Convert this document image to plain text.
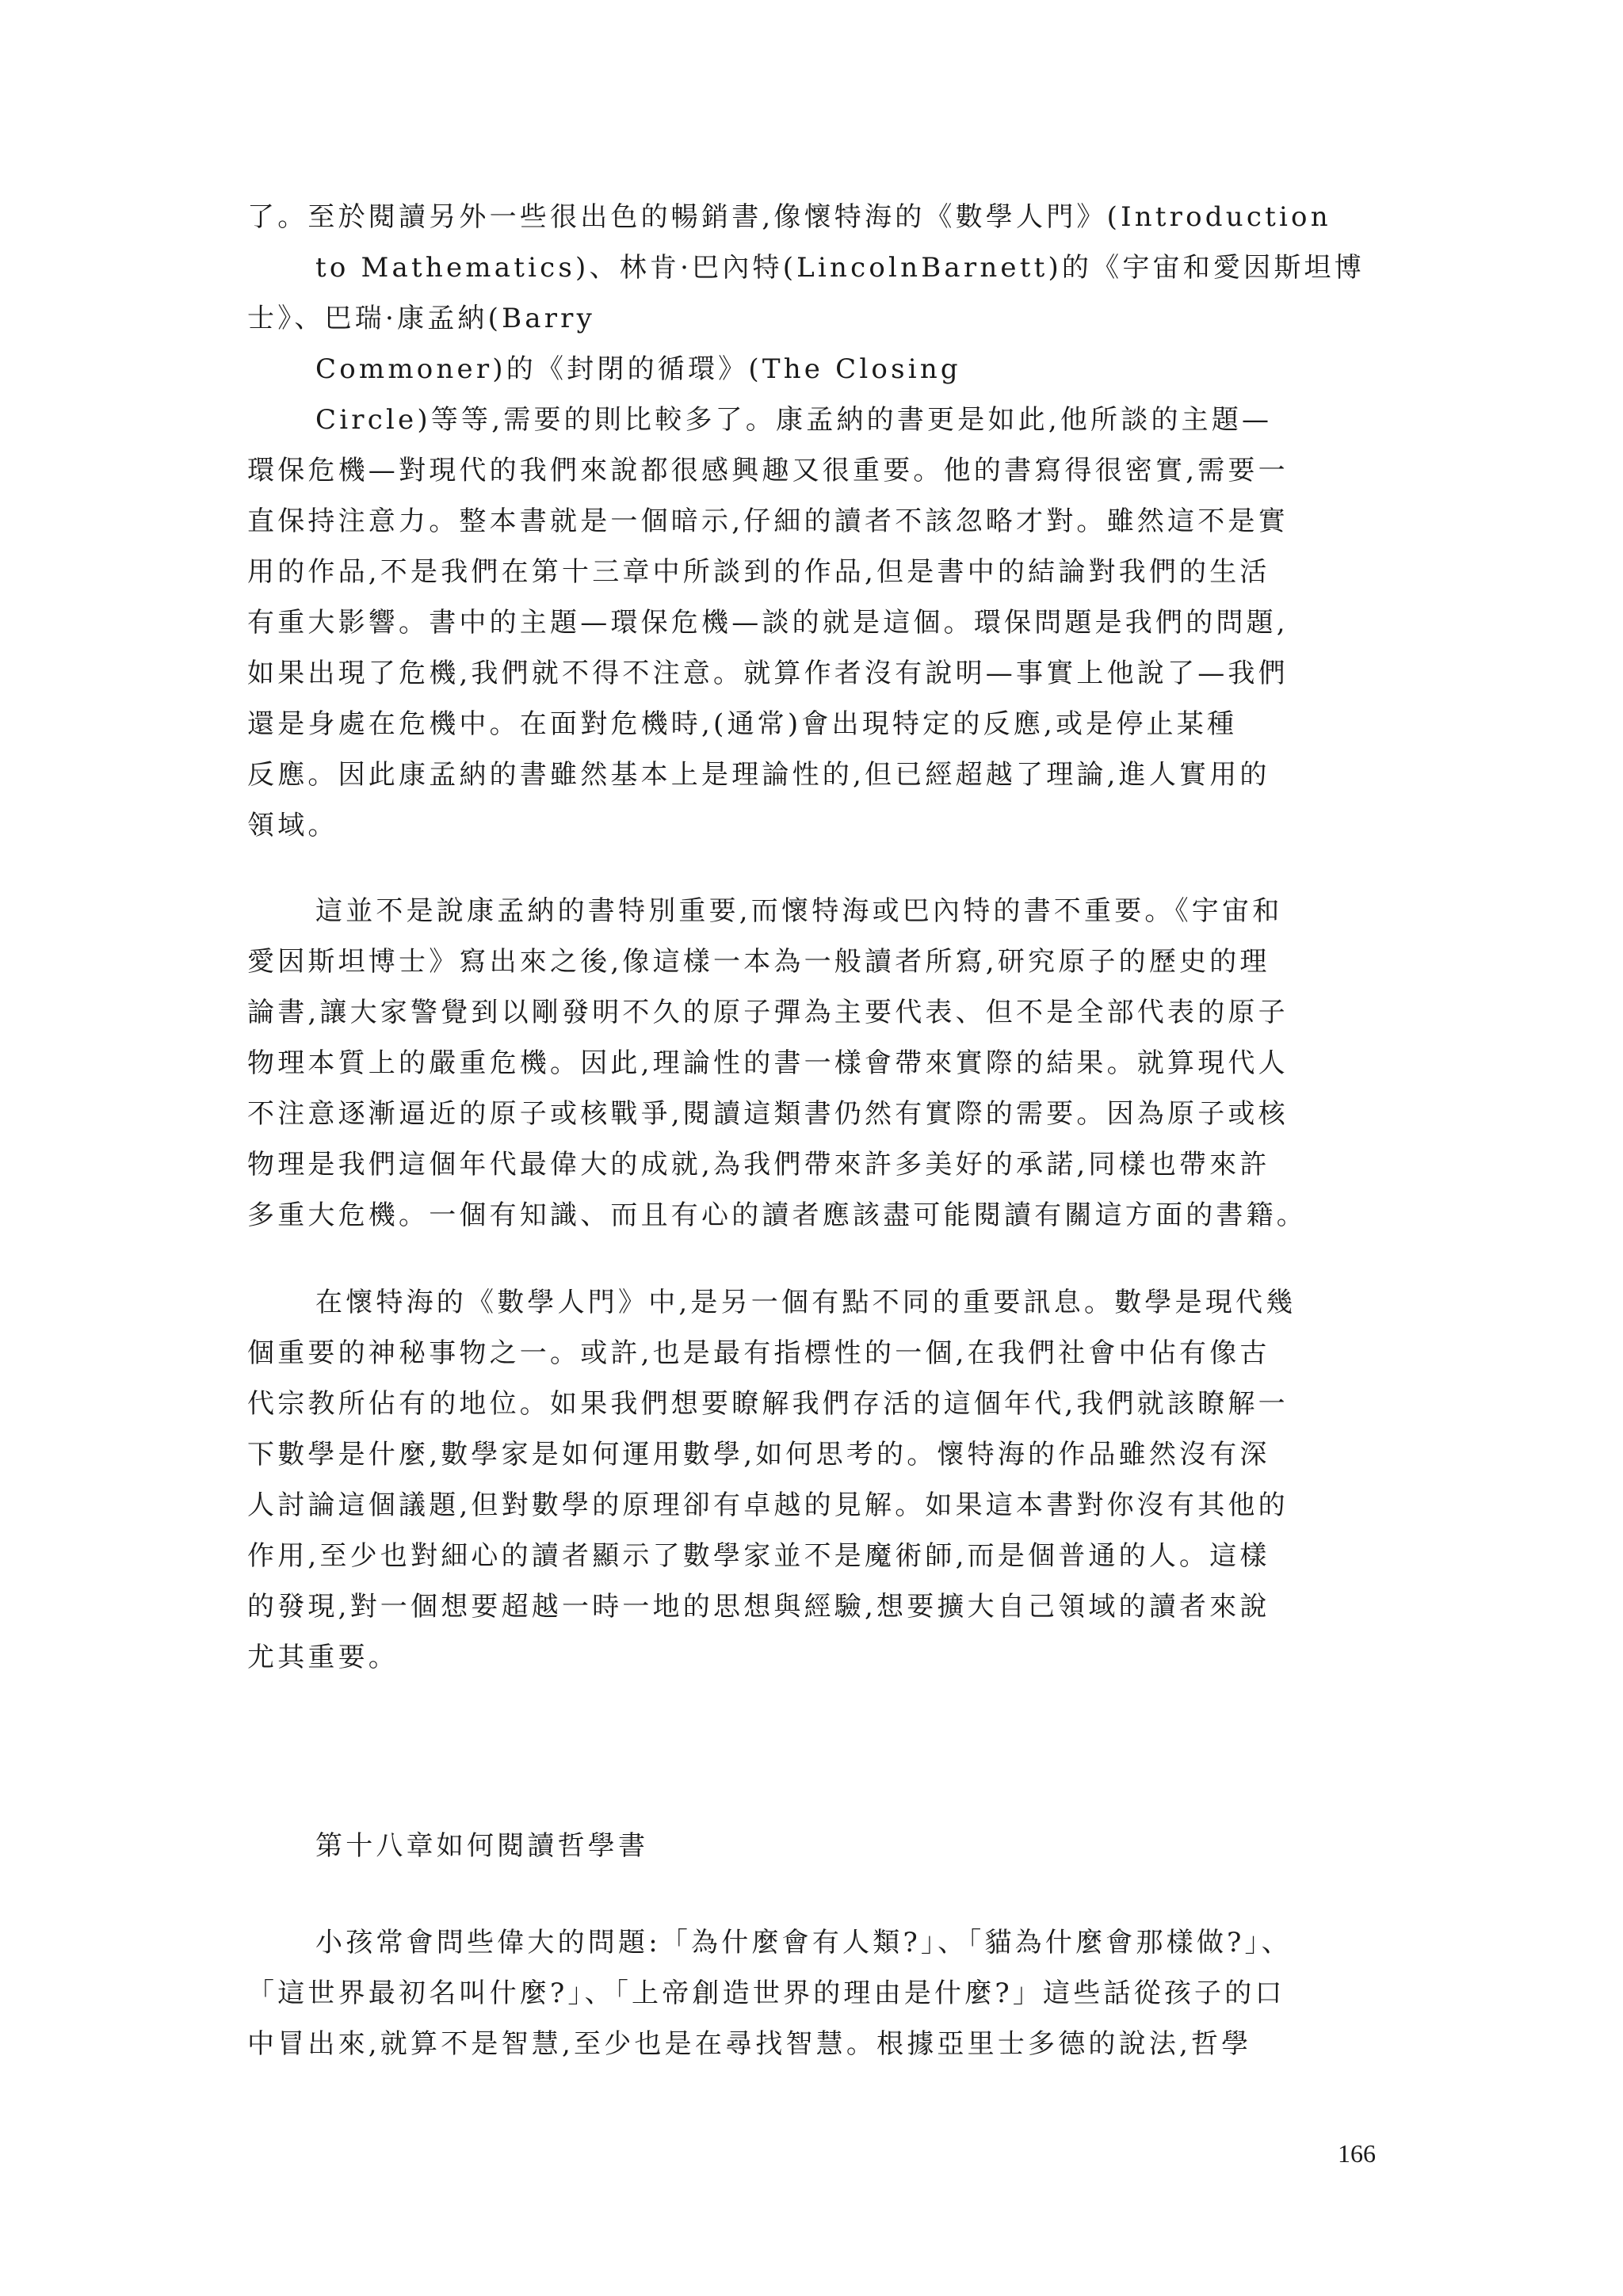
了。至於閱讀另外一些很出色的暢銷書,像懷特海的《數學人門》(Introduction
to Mathematics)、林肯·巴內特(LincolnBarnett)的《宇宙和愛因斯坦博
士》、巴瑞·康孟納(Barry
Commoner)的《封閉的循環》(The Closing
Circle)等等,需要的則比較多了。康孟納的書更是如此,他所談的主題—
環保危機—對現代的我們來說都很感興趣又很重要。他的書寫得很密實,需要一
直保持注意力。整本書就是一個暗示,仔細的讀者不該忽略才對。雖然這不是實
用的作品,不是我們在第十三章中所談到的作品,但是書中的結論對我們的生活
有重大影響。書中的主題—環保危機—談的就是這個。環保問題是我們的問題,
如果出現了危機,我們就不得不注意。就算作者沒有說明—事實上他說了—我們
還是身處在危機中。在面對危機時,(通常)會出現特定的反應,或是停止某種
反應。因此康孟納的書雖然基本上是理論性的,但已經超越了理論,進人實用的
領域。
這並不是說康孟納的書特別重要,而懷特海或巴內特的書不重要。《宇宙和
愛因斯坦博士》寫出來之後,像這樣一本為一般讀者所寫,研究原子的歷史的理
論書,讓大家警覺到以剛發明不久的原子彈為主要代表、但不是全部代表的原子
物理本質上的嚴重危機。因此,理論性的書一樣會帶來實際的結果。就算現代人
不注意逐漸逼近的原子或核戰爭,閱讀這類書仍然有實際的需要。因為原子或核
物理是我們這個年代最偉大的成就,為我們帶來許多美好的承諾,同樣也帶來許
多重大危機。一個有知識、而且有心的讀者應該盡可能閱讀有關這方面的書籍。
在懷特海的《數學人門》中,是另一個有點不同的重要訊息。數學是現代幾
個重要的神秘事物之一。或許,也是最有指標性的一個,在我們社會中佔有像古
代宗教所佔有的地位。如果我們想要瞭解我們存活的這個年代,我們就該瞭解一
下數學是什麼,數學家是如何運用數學,如何思考的。懷特海的作品雖然沒有深
人討論這個議題,但對數學的原理卻有卓越的見解。如果這本書對你沒有其他的
作用,至少也對細心的讀者顯示了數學家並不是魔術師,而是個普通的人。這樣
的發現,對一個想要超越一時一地的思想與經驗,想要擴大自己領域的讀者來說
尤其重要。
第十八章如何閱讀哲學書
小孩常會問些偉大的問題:「為什麼會有人類?」、「貓為什麼會那樣做?」、
「這世界最初名叫什麼?」、「上帝創造世界的理由是什麼?」這些話從孩子的口
中冒出來,就算不是智慧,至少也是在尋找智慧。根據亞里士多德的說法,哲學
166
